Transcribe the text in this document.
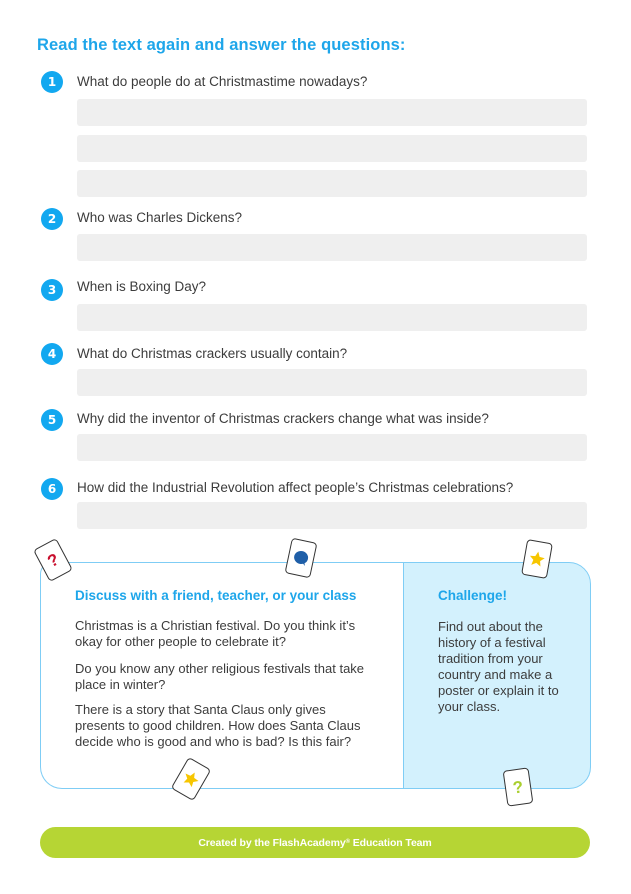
Read the text again and answer the questions:
1	What do people do at Christmastime nowadays?
2	Who was Charles Dickens?
3	When is Boxing Day?
4	What do Christmas crackers usually contain?
5	Why did the inventor of Christmas crackers change what was inside?
6	How did the Industrial Revolution affect people’s Christmas celebrations?
Discuss with a friend, teacher, or your class
Christmas is a Christian festival. Do you think it’s okay for other people to celebrate it?
Do you know any other religious festivals that take place in winter?
There is a story that Santa Claus only gives presents to good children. How does Santa Claus decide who is good and who is bad? Is this fair?
Challenge!
Find out about the history of a festival tradition from your country and make a poster or explain it to your class.
?
?
Created by the FlashAcademy® Education Team
